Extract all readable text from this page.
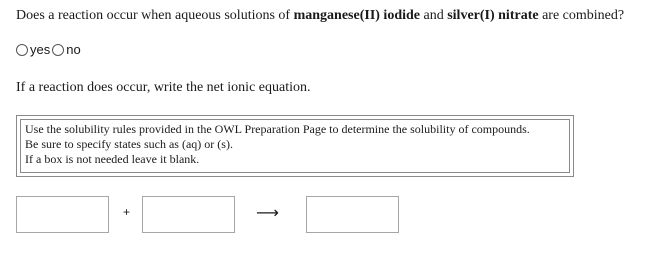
Does a reaction occur when aqueous solutions of manganese(II) iodide and silver(I) nitrate are combined?
yes no
If a reaction does occur, write the net ionic equation.
Use the solubility rules provided in the OWL Preparation Page to determine the solubility of compounds.
Be sure to specify states such as (aq) or (s).
If a box is not needed leave it blank.
+	⟶
